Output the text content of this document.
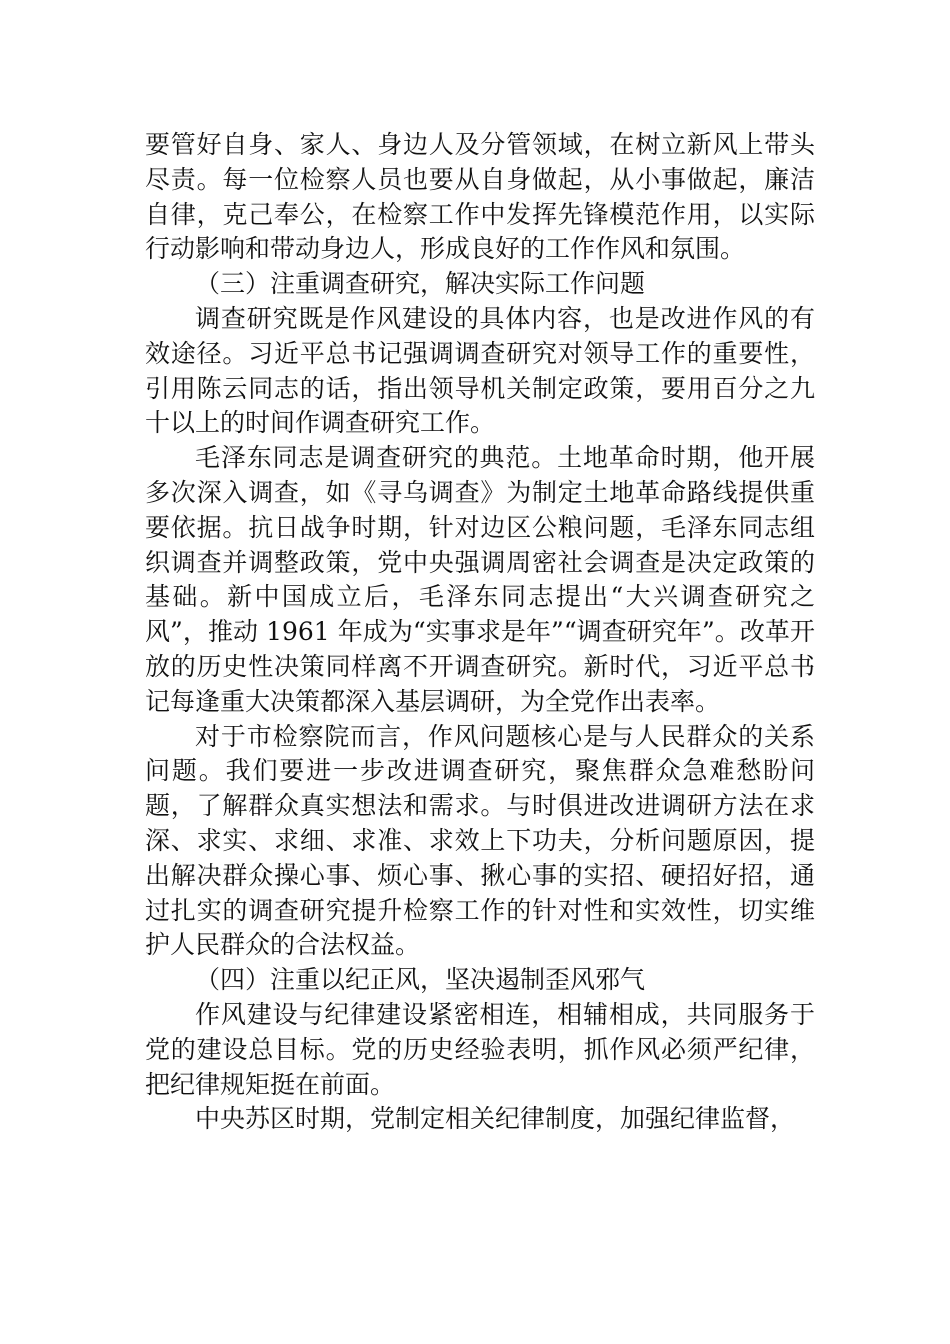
要管好自身、家人、身边人及分管领域，在树立新风上带头尽责。每一位检察人员也要从自身做起，从小事做起，廉洁自律，克己奉公，在检察工作中发挥先锋模范作用，以实际行动影响和带动身边人，形成良好的工作作风和氛围。

（三）注重调查研究，解决实际工作问题

调查研究既是作风建设的具体内容，也是改进作风的有效途径。习近平总书记强调调查研究对领导工作的重要性，引用陈云同志的话，指出领导机关制定政策，要用百分之九十以上的时间作调查研究工作。

毛泽东同志是调查研究的典范。土地革命时期，他开展多次深入调查，如《寻乌调查》为制定土地革命路线提供重要依据。抗日战争时期，针对边区公粮问题，毛泽东同志组织调查并调整政策，党中央强调周密社会调查是决定政策的基础。新中国成立后，毛泽东同志提出“大兴调查研究之风”，推动 1961 年成为“实事求是年”“调查研究年”。改革开放的历史性决策同样离不开调查研究。新时代，习近平总书记每逢重大决策都深入基层调研，为全党作出表率。

对于市检察院而言，作风问题核心是与人民群众的关系问题。我们要进一步改进调查研究，聚焦群众急难愁盼问题，了解群众真实想法和需求。与时俱进改进调研方法在求深、求实、求细、求准、求效上下功夫，分析问题原因，提出解决群众操心事、烦心事、揪心事的实招、硬招好招，通过扎实的调查研究提升检察工作的针对性和实效性，切实维护人民群众的合法权益。

（四）注重以纪正风，坚决遏制歪风邪气

作风建设与纪律建设紧密相连，相辅相成，共同服务于党的建设总目标。党的历史经验表明，抓作风必须严纪律，把纪律规矩挺在前面。

中央苏区时期，党制定相关纪律制度，加强纪律监督，
